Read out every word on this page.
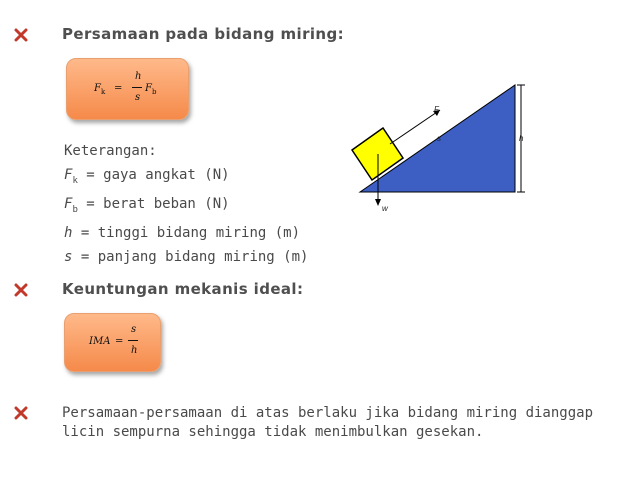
Persamaan pada bidang miring:
$F_k$ =
h
s
$F_b$
Keterangan:
$F_k$ = gaya angkat (N)
$F_b$ = berat beban (N)
h = tinggi bidang miring (m)
s = panjang bidang miring (m)
F
s	h
w
Keuntungan mekanis ideal:
IMA =
s
h
Persamaan-persamaan di atas berlaku jika bidang miring dianggap licin sempurna sehingga tidak menimbulkan gesekan.
